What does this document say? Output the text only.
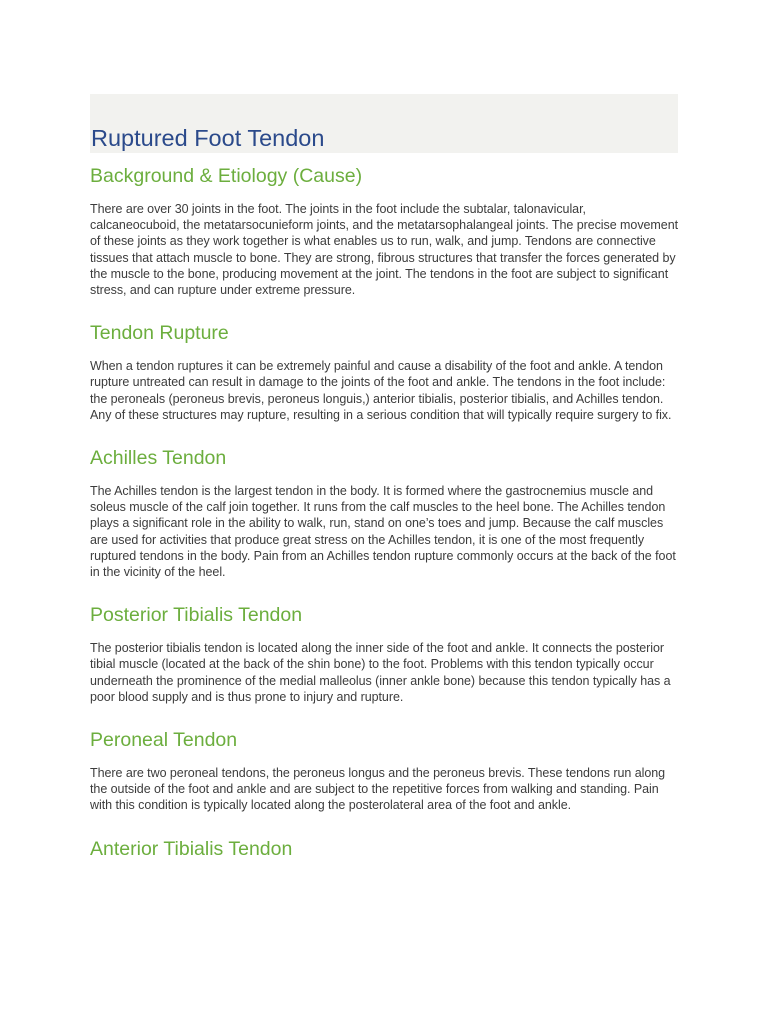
Ruptured Foot Tendon
Background & Etiology (Cause)

There are over 30 joints in the foot. The joints in the foot include the subtalar, talonavicular, calcaneocuboid, the metatarsocunieform joints, and the metatarsophalangeal joints. The precise movement of these joints as they work together is what enables us to run, walk, and jump. Tendons are connective tissues that attach muscle to bone. They are strong, fibrous structures that transfer the forces generated by the muscle to the bone, producing movement at the joint. The tendons in the foot are subject to significant stress, and can rupture under extreme pressure.

Tendon Rupture

When a tendon ruptures it can be extremely painful and cause a disability of the foot and ankle. A tendon rupture untreated can result in damage to the joints of the foot and ankle. The tendons in the foot include: the peroneals (peroneus brevis, peroneus longuis,) anterior tibialis, posterior tibialis, and Achilles tendon. Any of these structures may rupture, resulting in a serious condition that will typically require surgery to fix.

Achilles Tendon

The Achilles tendon is the largest tendon in the body. It is formed where the gastrocnemius muscle and soleus muscle of the calf join together. It runs from the calf muscles to the heel bone. The Achilles tendon plays a significant role in the ability to walk, run, stand on one’s toes and jump. Because the calf muscles are used for activities that produce great stress on the Achilles tendon, it is one of the most frequently ruptured tendons in the body. Pain from an Achilles tendon rupture commonly occurs at the back of the foot in the vicinity of the heel.

Posterior Tibialis Tendon

The posterior tibialis tendon is located along the inner side of the foot and ankle. It connects the posterior tibial muscle (located at the back of the shin bone) to the foot. Problems with this tendon typically occur underneath the prominence of the medial malleolus (inner ankle bone) because this tendon typically has a poor blood supply and is thus prone to injury and rupture.

Peroneal Tendon

There are two peroneal tendons, the peroneus longus and the peroneus brevis. These tendons run along the outside of the foot and ankle and are subject to the repetitive forces from walking and standing. Pain with this condition is typically located along the posterolateral area of the foot and ankle.

Anterior Tibialis Tendon
